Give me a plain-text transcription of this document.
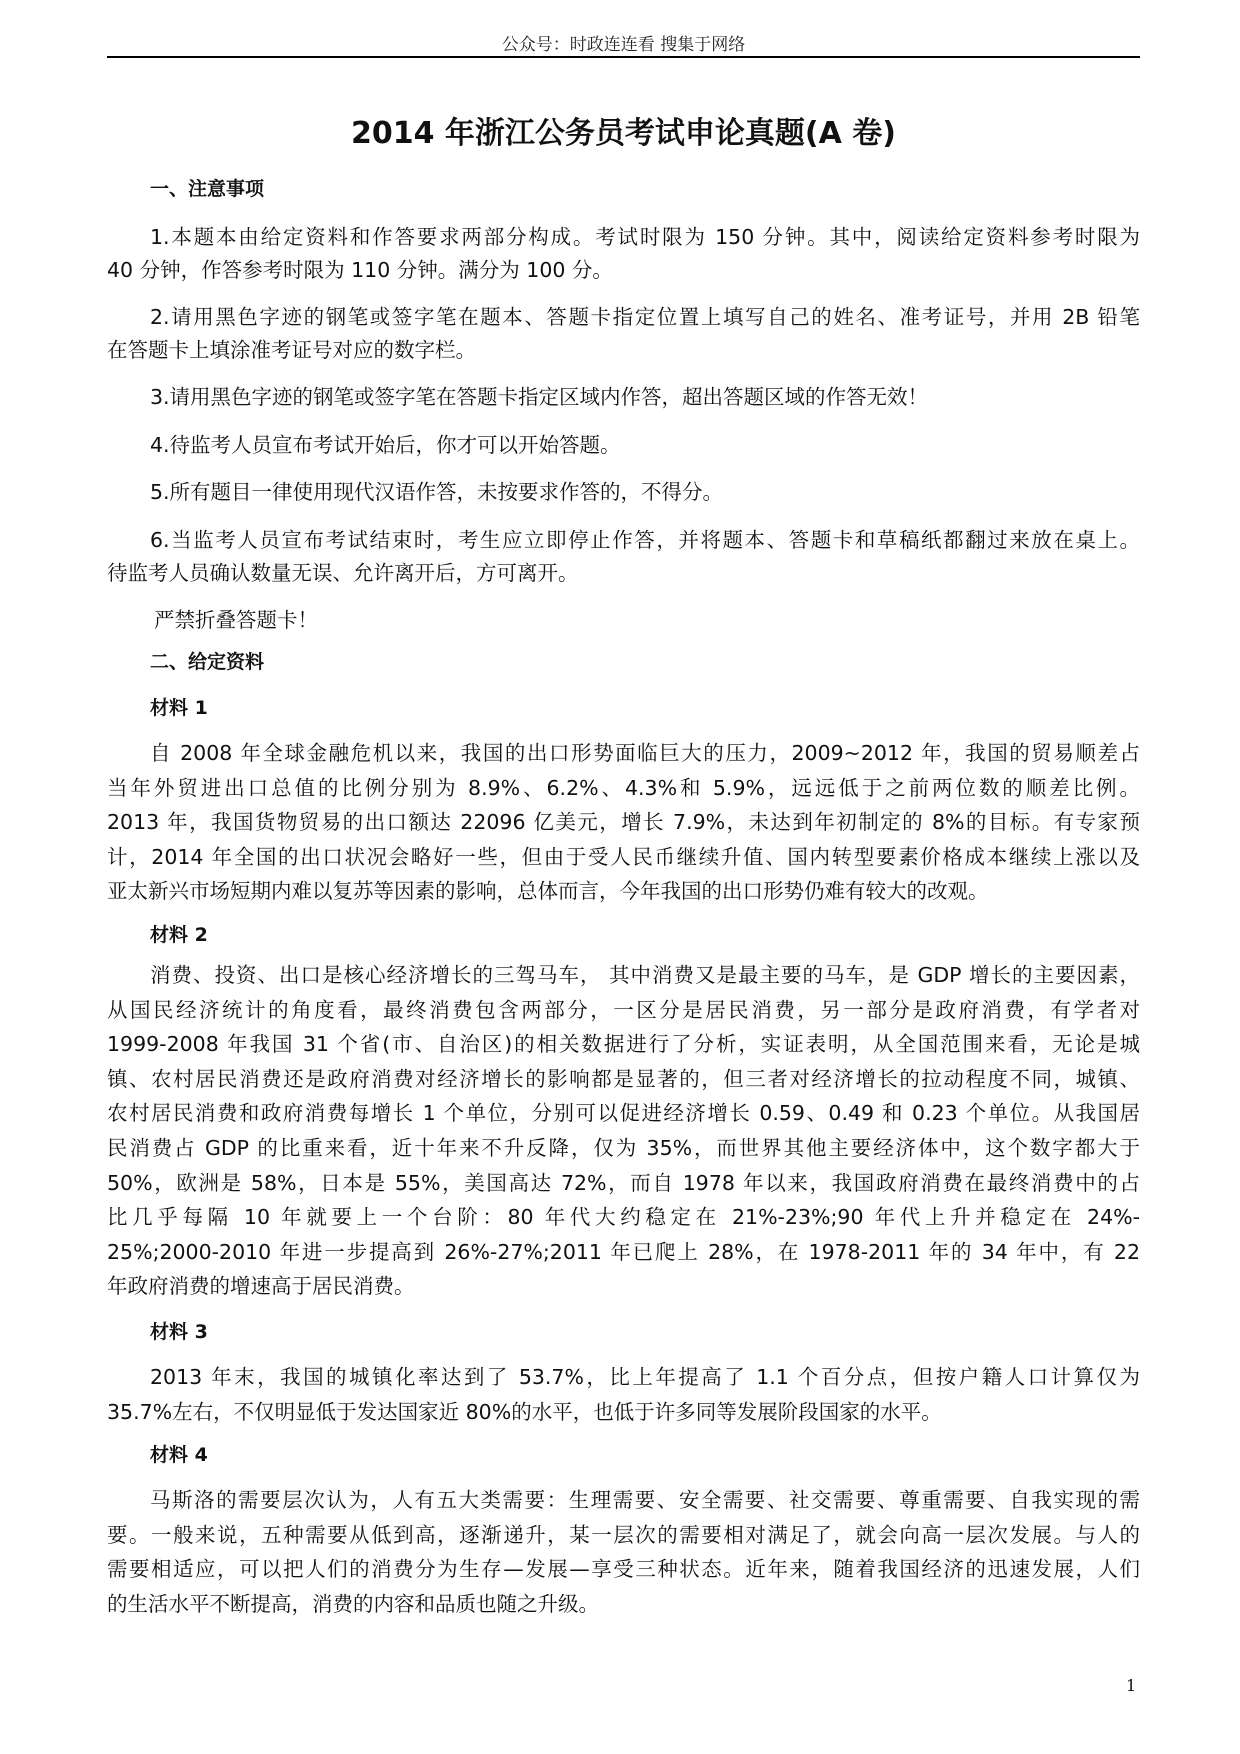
公众号：时政连连看 搜集于网络
2014 年浙江公务员考试申论真题(A 卷)
一、注意事项
1.本题本由给定资料和作答要求两部分构成。考试时限为 150 分钟。其中，阅读给定资料参考时限为
40 分钟，作答参考时限为 110 分钟。满分为 100 分。
2.请用黑色字迹的钢笔或签字笔在题本、答题卡指定位置上填写自己的姓名、准考证号，并用 2B 铅笔
在答题卡上填涂准考证号对应的数字栏。
3.请用黑色字迹的钢笔或签字笔在答题卡指定区域内作答，超出答题区域的作答无效！
4.待监考人员宣布考试开始后，你才可以开始答题。
5.所有题目一律使用现代汉语作答，未按要求作答的，不得分。
6.当监考人员宣布考试结束时，考生应立即停止作答，并将题本、答题卡和草稿纸都翻过来放在桌上。
待监考人员确认数量无误、允许离开后，方可离开。
严禁折叠答题卡！
二、给定资料
材料 1
材料 2
材料 3
材料 4
自 2008 年全球金融危机以来，我国的出口形势面临巨大的压力，2009~2012 年，我国的贸易顺差占
当年外贸进出口总值的比例分别为 8.9%、6.2%、4.3%和 5.9%，远远低于之前两位数的顺差比例。
2013 年，我国货物贸易的出口额达 22096 亿美元，增长 7.9%，未达到年初制定的 8%的目标。有专家预
计，2014 年全国的出口状况会略好一些，但由于受人民币继续升值、国内转型要素价格成本继续上涨以及
亚太新兴市场短期内难以复苏等因素的影响，总体而言，今年我国的出口形势仍难有较大的改观。
消费、投资、出口是核心经济增长的三驾马车， 其中消费又是最主要的马车，是 GDP 增长的主要因素，
从国民经济统计的角度看，最终消费包含两部分，一区分是居民消费，另一部分是政府消费，有学者对
1999-2008 年我国 31 个省(市、自治区)的相关数据进行了分析，实证表明，从全国范围来看，无论是城
镇、农村居民消费还是政府消费对经济增长的影响都是显著的，但三者对经济增长的拉动程度不同，城镇、
农村居民消费和政府消费每增长 1 个单位，分别可以促进经济增长 0.59、0.49 和 0.23 个单位。从我国居
民消费占 GDP 的比重来看，近十年来不升反降，仅为 35%，而世界其他主要经济体中，这个数字都大于
50%，欧洲是 58%，日本是 55%，美国高达 72%，而自 1978 年以来，我国政府消费在最终消费中的占
比几乎每隔 10 年就要上一个台阶：80 年代大约稳定在 21%-23%;90 年代上升并稳定在 24%-
25%;2000-2010 年进一步提高到 26%-27%;2011 年已爬上 28%，在 1978-2011 年的 34 年中，有 22
年政府消费的增速高于居民消费。
2013 年末，我国的城镇化率达到了 53.7%，比上年提高了 1.1 个百分点，但按户籍人口计算仅为
35.7%左右，不仅明显低于发达国家近 80%的水平，也低于许多同等发展阶段国家的水平。
马斯洛的需要层次认为，人有五大类需要：生理需要、安全需要、社交需要、尊重需要、自我实现的需
要。一般来说，五种需要从低到高，逐渐递升，某一层次的需要相对满足了，就会向高一层次发展。与人的
需要相适应，可以把人们的消费分为生存—发展—享受三种状态。近年来，随着我国经济的迅速发展，人们
的生活水平不断提高，消费的内容和品质也随之升级。
1
